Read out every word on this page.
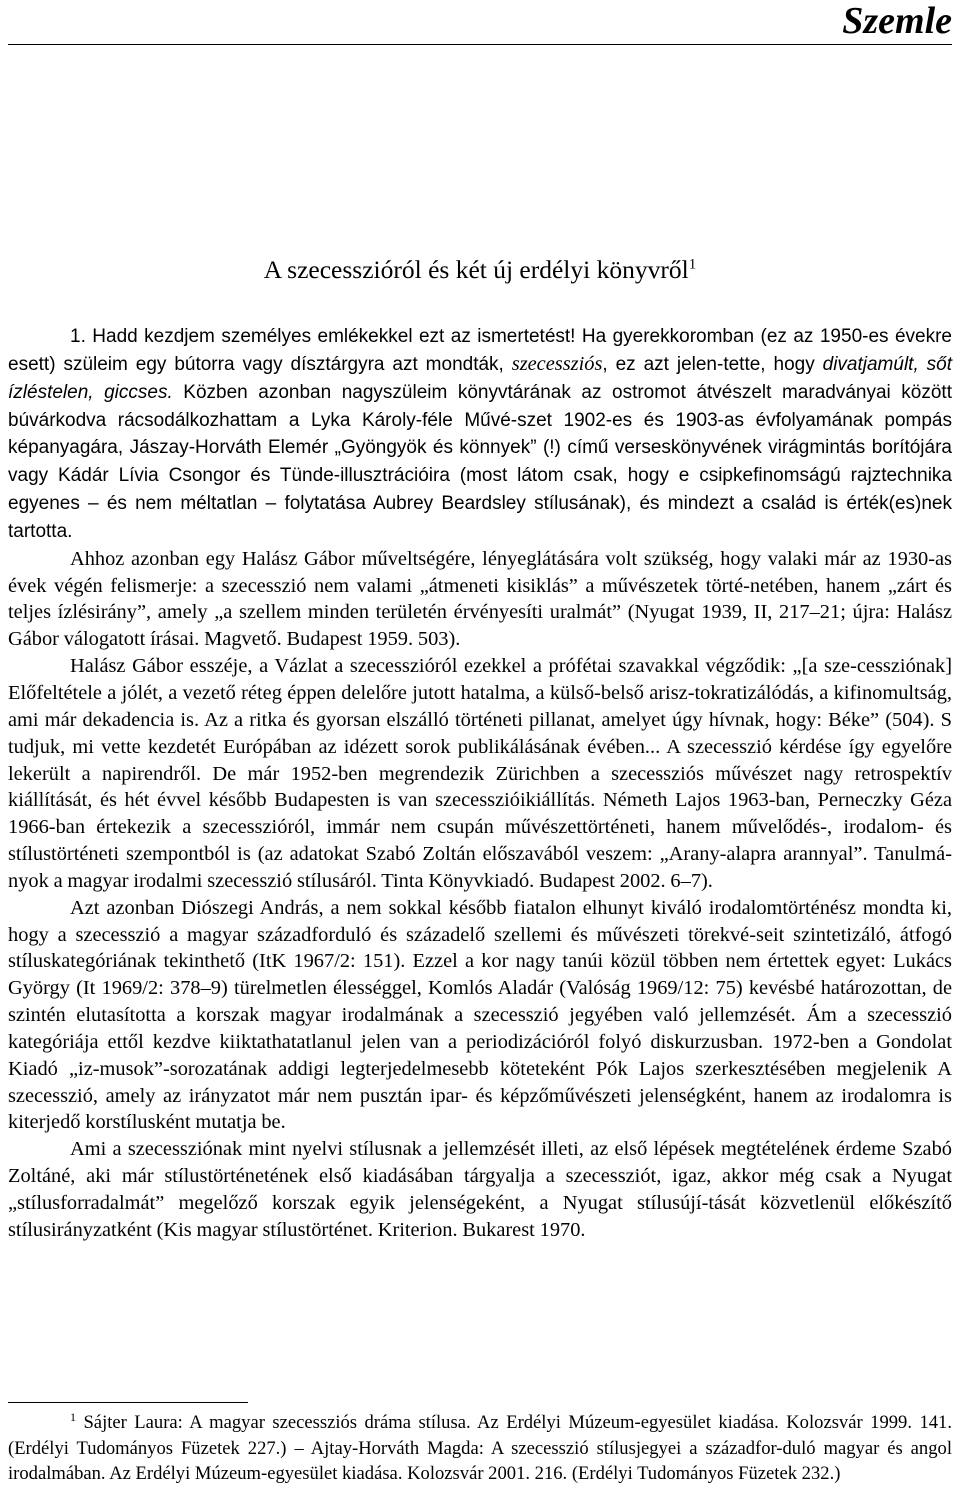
Szemle
A szecesszióról és két új erdélyi könyvről$^1$

1. Hadd kezdjem személyes emlékekkel ezt az ismertetést! Ha gyerekkoromban (ez az 1950-es évekre esett) szüleim egy bútorra vagy dísztárgyra azt mondták, szecessziós, ez azt jelen-tette, hogy divatjamúlt, sőt ízléstelen, giccses. Közben azonban nagyszüleim könyvtárának az ostromot átvészelt maradványai között búvárkodva rácsodálkozhattam a Lyka Károly-féle Művé-szet 1902-es és 1903-as évfolyamának pompás képanyagára, Jászay-Horváth Elemér „Gyöngyök és könnyek” (!) című verseskönyvének virágmintás borítójára vagy Kádár Lívia Csongor és Tünde-illusztrációira (most látom csak, hogy e csipkefinomságú rajztechnika egyenes – és nem méltatlan – folytatása Aubrey Beardsley stílusának), és mindezt a család is érték(es)nek tartotta.

Ahhoz azonban egy Halász Gábor műveltségére, lényeglátására volt szükség, hogy valaki már az 1930-as évek végén felismerje: a szecesszió nem valami „átmeneti kisiklás” a művészetek törté-netében, hanem „zárt és teljes ízlésirány”, amely „a szellem minden területén érvényesíti uralmát” (Nyugat 1939, II, 217–21; újra: Halász Gábor válogatott írásai. Magvető. Budapest 1959. 503).

Halász Gábor esszéje, a Vázlat a szecesszióról ezekkel a prófétai szavakkal végződik: „[a sze-cessziónak] Előfeltétele a jólét, a vezető réteg éppen delelőre jutott hatalma, a külső-belső arisz-tokratizálódás, a kifinomultság, ami már dekadencia is. Az a ritka és gyorsan elszálló történeti pillanat, amelyet úgy hívnak, hogy: Béke” (504). S tudjuk, mi vette kezdetét Európában az idézett sorok publikálásának évében... A szecesszió kérdése így egyelőre lekerült a napirendről. De már 1952-ben megrendezik Zürichben a szecessziós művészet nagy retrospektív kiállítását, és hét évvel később Budapesten is van szecesszióikiállítás. Németh Lajos 1963-ban, Perneczky Géza 1966-ban értekezik a szecesszióról, immár nem csupán művészettörténeti, hanem művelődés-, irodalom- és stílustörténeti szempontból is (az adatokat Szabó Zoltán előszavából veszem: „Arany-alapra arannyal”. Tanulmá-nyok a magyar irodalmi szecesszió stílusáról. Tinta Könyvkiadó. Budapest 2002. 6–7).

Azt azonban Diószegi András, a nem sokkal később fiatalon elhunyt kiváló irodalomtörténész mondta ki, hogy a szecesszió a magyar századforduló és századelő szellemi és művészeti törekvé-seit szintetizáló, átfogó stíluskategóriának tekinthető (ItK 1967/2: 151). Ezzel a kor nagy tanúi közül többen nem értettek egyet: Lukács György (It 1969/2: 378–9) türelmetlen élességgel, Komlós Aladár (Valóság 1969/12: 75) kevésbé határozottan, de szintén elutasította a korszak magyar irodalmának a szecesszió jegyében való jellemzését. Ám a szecesszió kategóriája ettől kezdve kiiktathatatlanul jelen van a periodizációról folyó diskurzusban. 1972-ben a Gondolat Kiadó „iz-musok”-sorozatának addigi legterjedelmesebb köteteként Pók Lajos szerkesztésében megjelenik A szecesszió, amely az irányzatot már nem pusztán ipar- és képzőművészeti jelenségként, hanem az irodalomra is kiterjedő korstílusként mutatja be.

Ami a szecessziónak mint nyelvi stílusnak a jellemzését illeti, az első lépések megtételének érdeme Szabó Zoltáné, aki már stílustörténetének első kiadásában tárgyalja a szecessziót, igaz, akkor még csak a Nyugat „stílusforradalmát” megelőző korszak egyik jelenségeként, a Nyugat stílusújí-tását közvetlenül előkészítő stílusirányzatként (Kis magyar stílustörténet. Kriterion. Bukarest 1970.

$^1$ Sájter Laura: A magyar szecessziós dráma stílusa. Az Erdélyi Múzeum-egyesület kiadása. Kolozsvár 1999. 141. (Erdélyi Tudományos Füzetek 227.) – Ajtay-Horváth Magda: A szecesszió stílusjegyei a századfor-duló magyar és angol irodalmában. Az Erdélyi Múzeum-egyesület kiadása. Kolozsvár 2001. 216. (Erdélyi Tudományos Füzetek 232.)
